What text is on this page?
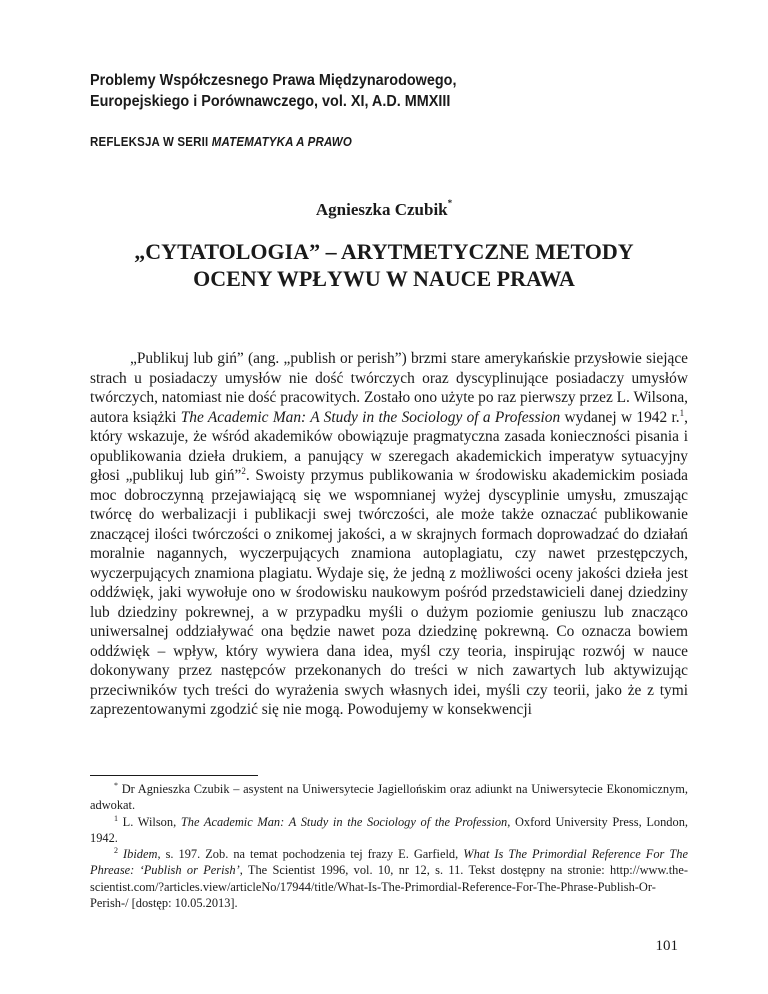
Problemy Współczesnego Prawa Międzynarodowego,
Europejskiego i Porównawczego, vol. XI, A.D. MMXIII
REFLEKSJA W SERII MATEMATYKA A PRAWO
Agnieszka Czubik*
„CYTATOLOGIA” – ARYTMETYCZNE METODY
OCENY WPŁYWU W NAUCE PRAWA

„Publikuj lub giń” (ang. „publish or perish”) brzmi stare amerykańskie przysłowie siejące strach u posiadaczy umysłów nie dość twórczych oraz dyscyplinujące posiadaczy umysłów twórczych, natomiast nie dość pracowitych. Zostało ono użyte po raz pierwszy przez L. Wilsona, autora książki The Academic Man: A Study in the Sociology of a Profession wydanej w 1942 r.$^1$, który wskazuje, że wśród akademików obowiązuje pragmatyczna zasada konieczności pisania i opublikowania dzieła drukiem, a panujący w szeregach akademickich imperatyw sytuacyjny głosi „publikuj lub giń”$^2$. Swoisty przymus publikowania w środowisku akademickim posiada moc dobroczynną przejawiającą się we wspomnianej wyżej dyscyplinie umysłu, zmuszając twórcę do werbalizacji i publikacji swej twórczości, ale może także oznaczać publikowanie znaczącej ilości twórczości o znikomej jakości, a w skrajnych formach doprowadzać do działań moralnie nagannych, wyczerpujących znamiona autoplagiatu, czy nawet przestępczych, wyczerpujących znamiona plagiatu. Wydaje się, że jedną z możliwości oceny jakości dzieła jest oddźwięk, jaki wywołuje ono w środowisku naukowym pośród przedstawicieli danej dziedziny lub dziedziny pokrewnej, a w przypadku myśli o dużym poziomie geniuszu lub znacząco uniwersalnej oddziaływać ona będzie nawet poza dziedzinę pokrewną. Co oznacza bowiem oddźwięk – wpływ, który wywiera dana idea, myśl czy teoria, inspirując rozwój w nauce dokonywany przez następców przekonanych do treści w nich zawartych lub aktywizując przeciwników tych treści do wyrażenia swych własnych idei, myśli czy teorii, jako że z tymi zaprezentowanymi zgodzić się nie mogą. Powodujemy w konsekwencji

* Dr Agnieszka Czubik – asystent na Uniwersytecie Jagiellońskim oraz adiunkt na Uniwersytecie Ekonomicznym, adwokat.

$^1$ L. Wilson, The Academic Man: A Study in the Sociology of the Profession, Oxford University Press, London, 1942.

$^2$ Ibidem, s. 197. Zob. na temat pochodzenia tej frazy E. Garfield, What Is The Primordial Reference For The Phrease: ‘Publish or Perish’, The Scientist 1996, vol. 10, nr 12, s. 11. Tekst dostępny na stronie: http://www.the-scientist.com/?articles.view/articleNo/17944/title/What-Is-The-Primordial-Reference-For-The-Phrase-Publish-Or-Perish-/ [dostęp: 10.05.2013].

101
